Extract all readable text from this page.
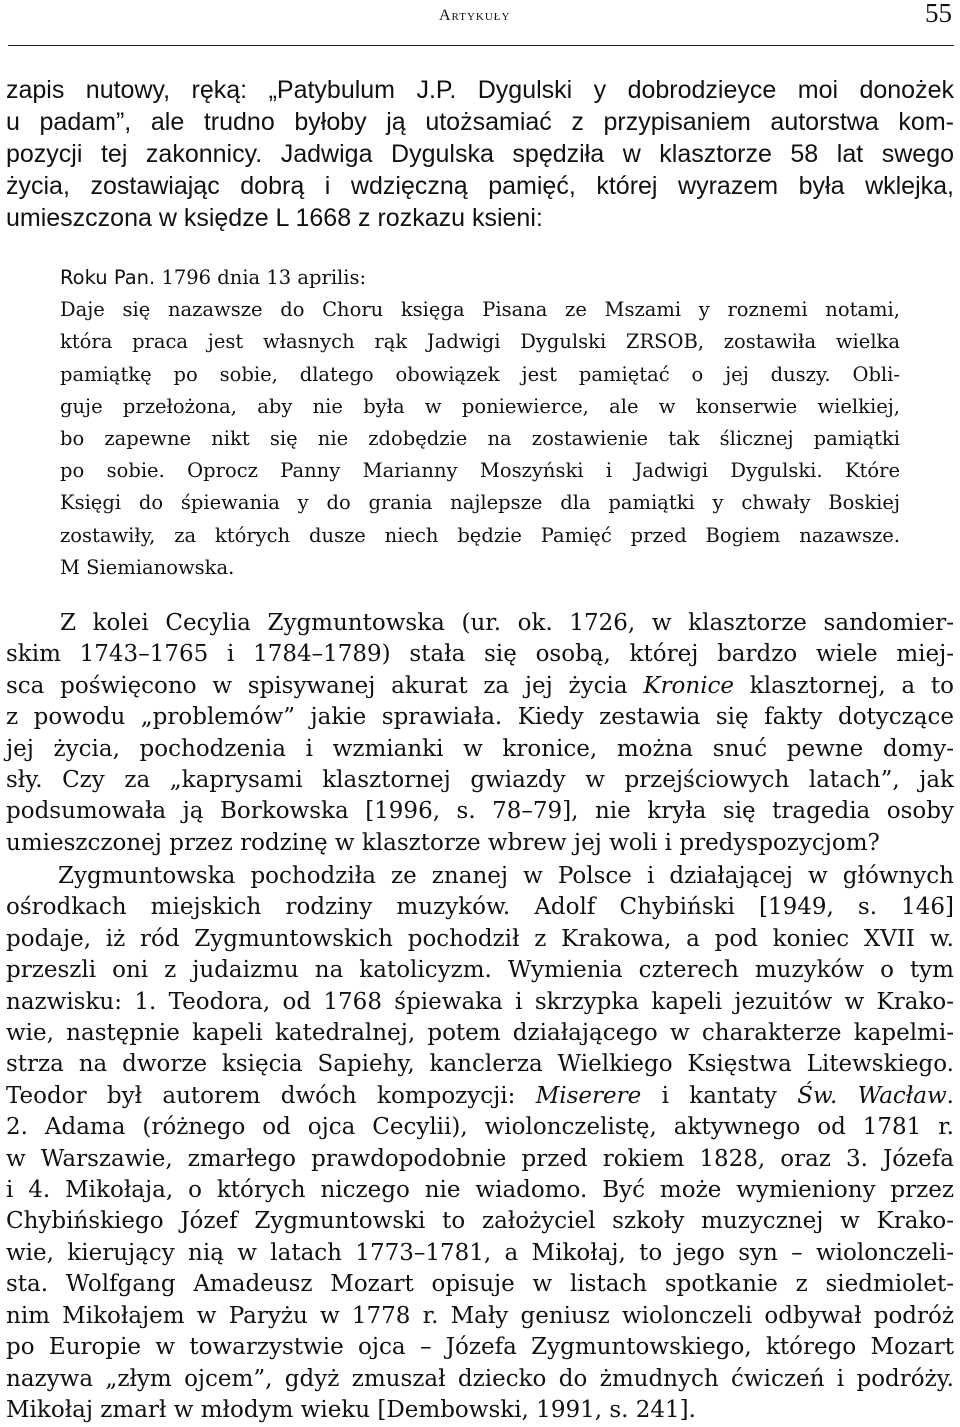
Artykuły	55
zapis nutowy, ręką: „Patybulum J.P. Dygulski y dobrodzieyce moi donożek
u padam”, ale trudno byłoby ją utożsamiać z przypisaniem autorstwa kom-
pozycji tej zakonnicy. Jadwiga Dygulska spędziła w klasztorze 58 lat swego
życia, zostawiając dobrą i wdzięczną pamięć, której wyrazem była wklejka,
umieszczona w księdze L 1668 z rozkazu ksieni:
Roku Pan. 1796 dnia 13 aprilis:
Daje się nazawsze do Choru księga Pisana ze Mszami y roznemi notami,
która praca jest własnych rąk Jadwigi Dygulski ZRSOB, zostawiła wielka
pamiątkę po sobie, dlatego obowiązek jest pamiętać o jej duszy. Obli-
guje przełożona, aby nie była w poniewierce, ale w konserwie wielkiej,
bo zapewne nikt się nie zdobędzie na zostawienie tak ślicznej pamiątki
po sobie. Oprocz Panny Marianny Moszyński i Jadwigi Dygulski. Które
Księgi do śpiewania y do grania najlepsze dla pamiątki y chwały Boskiej
zostawiły, za których dusze niech będzie Pamięć przed Bogiem nazawsze.
M Siemianowska.
Z kolei Cecylia Zygmuntowska (ur. ok. 1726, w klasztorze sandomier-
skim 1743–1765 i 1784–1789) stała się osobą, której bardzo wiele miej-
sca poświęcono w spisywanej akurat za jej życia Kronice klasztornej, a to
z powodu „problemów” jakie sprawiała. Kiedy zestawia się fakty dotyczące
jej życia, pochodzenia i wzmianki w kronice, można snuć pewne domy-
sły. Czy za „kaprysami klasztornej gwiazdy w przejściowych latach”, jak
podsumowała ją Borkowska [1996, s. 78–79], nie kryła się tragedia osoby
umieszczonej przez rodzinę w klasztorze wbrew jej woli i predyspozycjom?
Zygmuntowska pochodziła ze znanej w Polsce i działającej w głównych
ośrodkach miejskich rodziny muzyków. Adolf Chybiński [1949, s. 146]
podaje, iż ród Zygmuntowskich pochodził z Krakowa, a pod koniec XVII w.
przeszli oni z judaizmu na katolicyzm. Wymienia czterech muzyków o tym
nazwisku: 1. Teodora, od 1768 śpiewaka i skrzypka kapeli jezuitów w Krako-
wie, następnie kapeli katedralnej, potem działającego w charakterze kapelmi-
strza na dworze księcia Sapiehy, kanclerza Wielkiego Księstwa Litewskiego.
Teodor był autorem dwóch kompozycji: Miserere i kantaty Św. Wacław.
2. Adama (różnego od ojca Cecylii), wiolonczelistę, aktywnego od 1781 r.
w Warszawie, zmarłego prawdopodobnie przed rokiem 1828, oraz 3. Józefa
i 4. Mikołaja, o których niczego nie wiadomo. Być może wymieniony przez
Chybińskiego Józef Zygmuntowski to założyciel szkoły muzycznej w Krako-
wie, kierujący nią w latach 1773–1781, a Mikołaj, to jego syn – wiolonczeli-
sta. Wolfgang Amadeusz Mozart opisuje w listach spotkanie z siedmiolet-
nim Mikołajem w Paryżu w 1778 r. Mały geniusz wiolonczeli odbywał podróż
po Europie w towarzystwie ojca – Józefa Zygmuntowskiego, którego Mozart
nazywa „złym ojcem”, gdyż zmuszał dziecko do żmudnych ćwiczeń i podróży.
Mikołaj zmarł w młodym wieku [Dembowski, 1991, s. 241].
